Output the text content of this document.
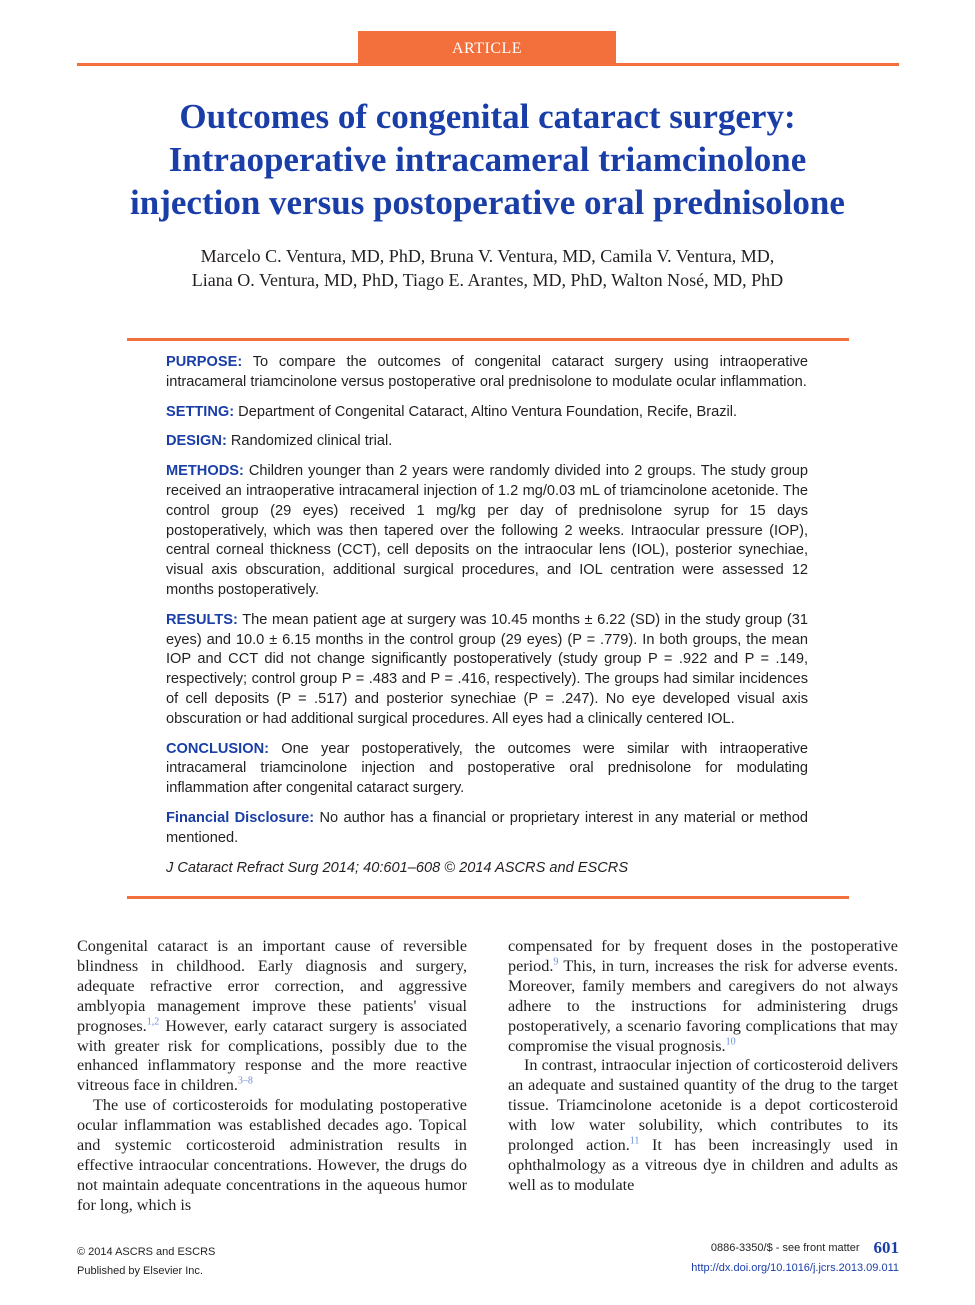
ARTICLE
Outcomes of congenital cataract surgery:
Intraoperative intracameral triamcinolone
injection versus postoperative oral prednisolone
Marcelo C. Ventura, MD, PhD, Bruna V. Ventura, MD, Camila V. Ventura, MD,
Liana O. Ventura, MD, PhD, Tiago E. Arantes, MD, PhD, Walton Nosé, MD, PhD

PURPOSE: To compare the outcomes of congenital cataract surgery using intraoperative intracameral triamcinolone versus postoperative oral prednisolone to modulate ocular inflammation.

SETTING: Department of Congenital Cataract, Altino Ventura Foundation, Recife, Brazil.

DESIGN: Randomized clinical trial.

METHODS: Children younger than 2 years were randomly divided into 2 groups. The study group received an intraoperative intracameral injection of 1.2 mg/0.03 mL of triamcinolone acetonide. The control group (29 eyes) received 1 mg/kg per day of prednisolone syrup for 15 days postoperatively, which was then tapered over the following 2 weeks. Intraocular pressure (IOP), central corneal thickness (CCT), cell deposits on the intraocular lens (IOL), posterior synechiae, visual axis obscuration, additional surgical procedures, and IOL centration were assessed 12 months postoperatively.

RESULTS: The mean patient age at surgery was 10.45 months ± 6.22 (SD) in the study group (31 eyes) and 10.0 ± 6.15 months in the control group (29 eyes) (P = .779). In both groups, the mean IOP and CCT did not change significantly postoperatively (study group P = .922 and P = .149, respectively; control group P = .483 and P = .416, respectively). The groups had similar incidences of cell deposits (P = .517) and posterior synechiae (P = .247). No eye developed visual axis obscuration or had additional surgical procedures. All eyes had a clinically centered IOL.

CONCLUSION: One year postoperatively, the outcomes were similar with intraoperative intracameral triamcinolone injection and postoperative oral prednisolone for modulating inflammation after congenital cataract surgery.

Financial Disclosure: No author has a financial or proprietary interest in any material or method mentioned.

J Cataract Refract Surg 2014; 40:601–608 © 2014 ASCRS and ESCRS

Congenital cataract is an important cause of reversible blindness in childhood. Early diagnosis and surgery, adequate refractive error correction, and aggressive amblyopia management improve these patients' visual prognoses.$^{1,2}$ However, early cataract surgery is associated with greater risk for complications, possibly due to the enhanced inflammatory response and the more reactive vitreous face in children.$^{3-8}$

The use of corticosteroids for modulating postoperative ocular inflammation was established decades ago. Topical and systemic corticosteroid administration results in effective intraocular concentrations. However, the drugs do not maintain adequate concentrations in the aqueous humor for long, which is

compensated for by frequent doses in the postoperative period.$^9$ This, in turn, increases the risk for adverse events. Moreover, family members and caregivers do not always adhere to the instructions for administering drugs postoperatively, a scenario favoring complications that may compromise the visual prognosis.$^{10}$

In contrast, intraocular injection of corticosteroid delivers an adequate and sustained quantity of the drug to the target tissue. Triamcinolone acetonide is a depot corticosteroid with low water solubility, which contributes to its prolonged action.$^{11}$ It has been increasingly used in ophthalmology as a vitreous dye in children and adults as well as to modulate

© 2014 ASCRS and ESCRS
Published by Elsevier Inc.
0886-3350/$ - see front matter 601
http://dx.doi.org/10.1016/j.jcrs.2013.09.011
